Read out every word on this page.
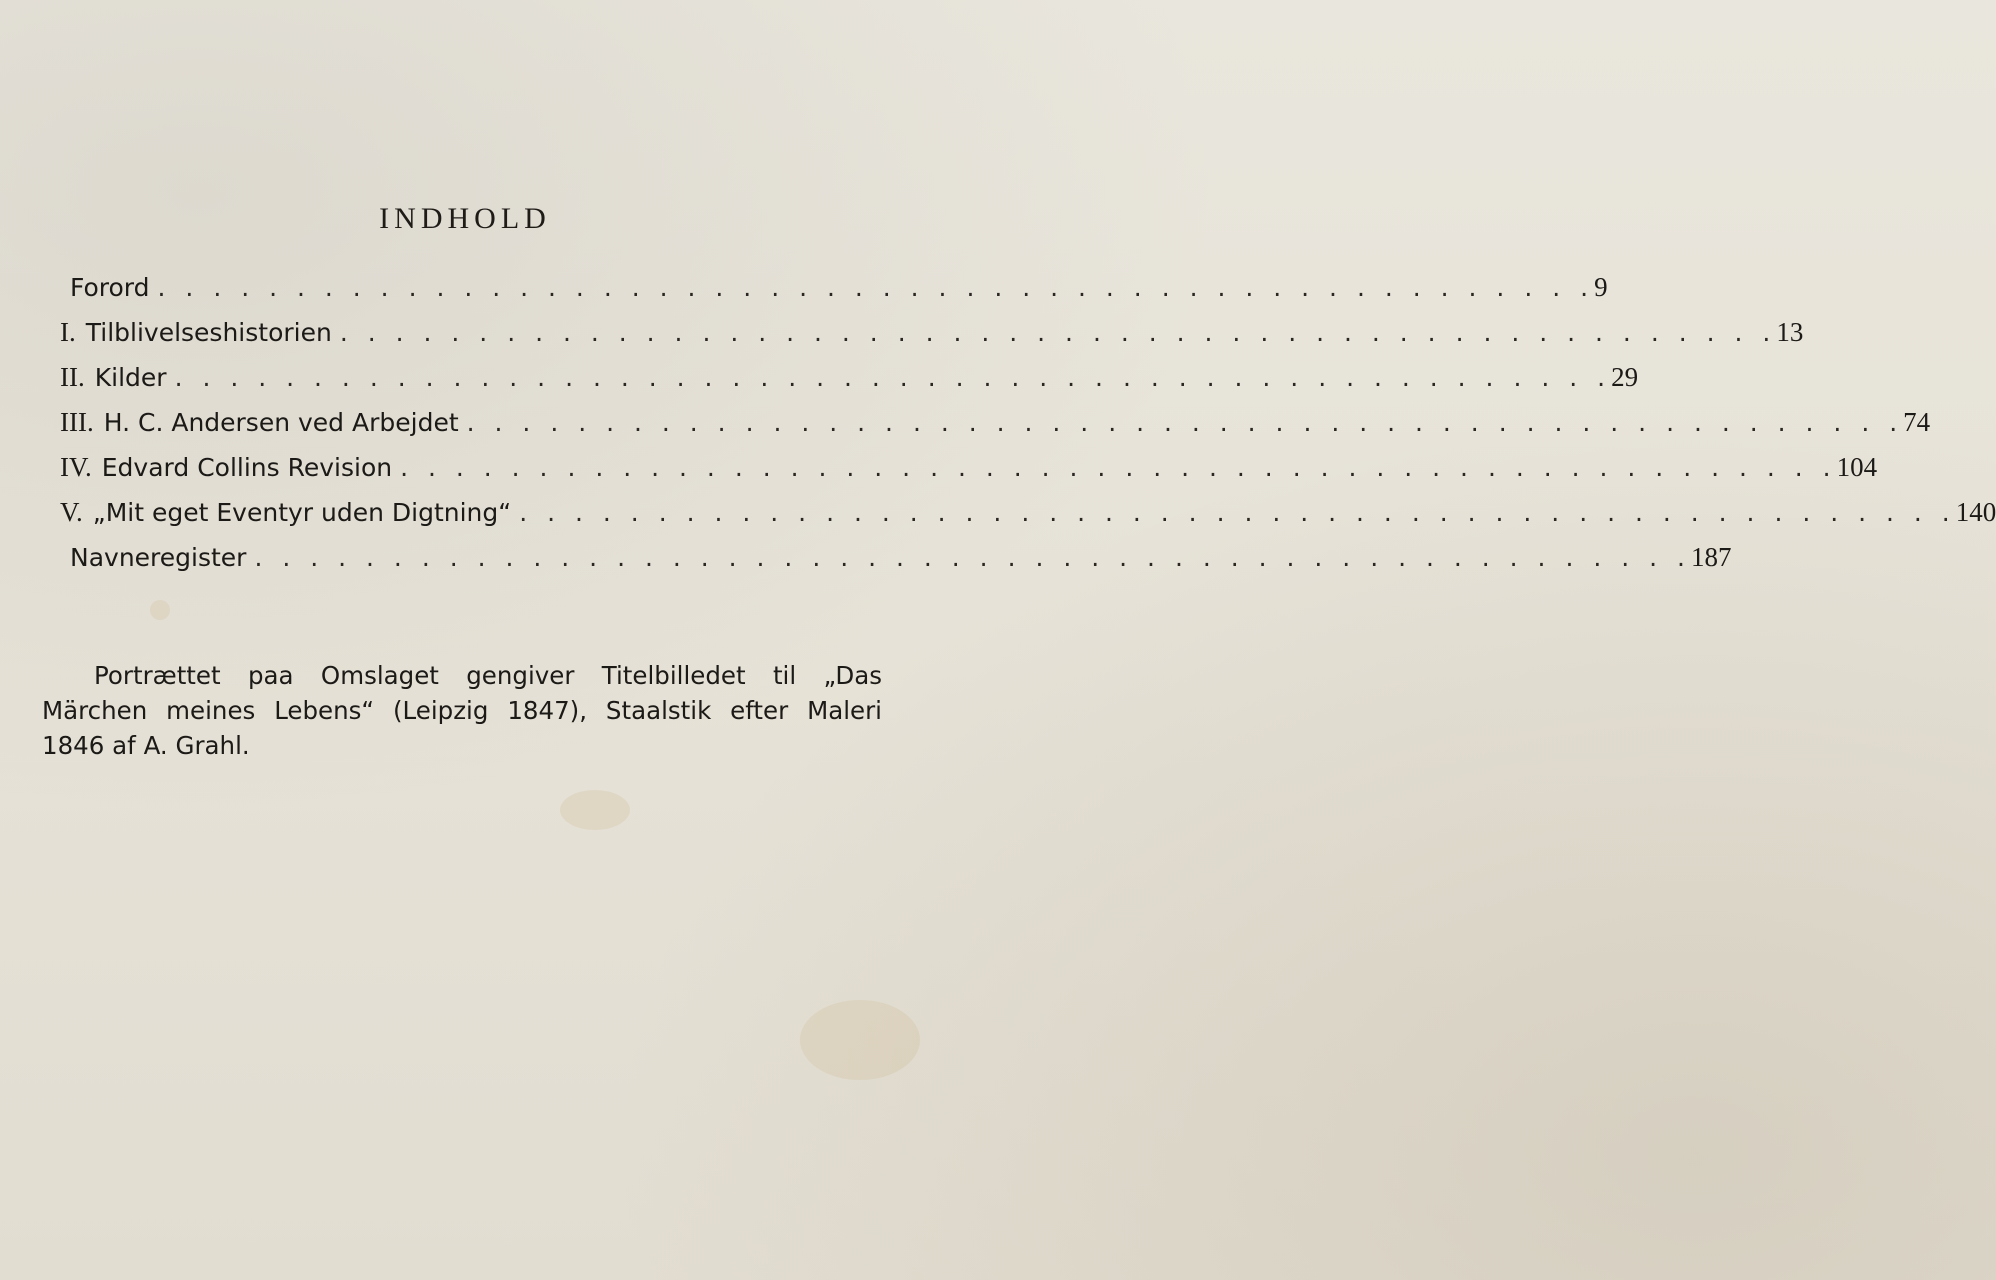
INDHOLD
Forord . . . . . . . . . . . . . . . . . . . . . . . . . . . . . . . . . . . . . . . . . . . . . . . . . . . . 9
I. Tilblivelseshistorien . . . . . . . . . . . . . . . . . . . . . . . . . . . . . . . . . . . . . . . . . . . . . . . . . . . . 13
II. Kilder . . . . . . . . . . . . . . . . . . . . . . . . . . . . . . . . . . . . . . . . . . . . . . . . . . . . 29
III. H. C. Andersen ved Arbejdet . . . . . . . . . . . . . . . . . . . . . . . . . . . . . . . . . . . . . . . . . . . . . . . . . . . . 74
IV. Edvard Collins Revision . . . . . . . . . . . . . . . . . . . . . . . . . . . . . . . . . . . . . . . . . . . . . . . . . . . . 104
V. „Mit eget Eventyr uden Digtning“ . . . . . . . . . . . . . . . . . . . . . . . . . . . . . . . . . . . . . . . . . . . . . . . . . . . . 140
Navneregister . . . . . . . . . . . . . . . . . . . . . . . . . . . . . . . . . . . . . . . . . . . . . . . . . . . . 187
Portrættet paa Omslaget gengiver Titelbilledet til „Das
Märchen meines Lebens“ (Leipzig 1847), Staalstik efter Maleri
1846 af A. Grahl.
